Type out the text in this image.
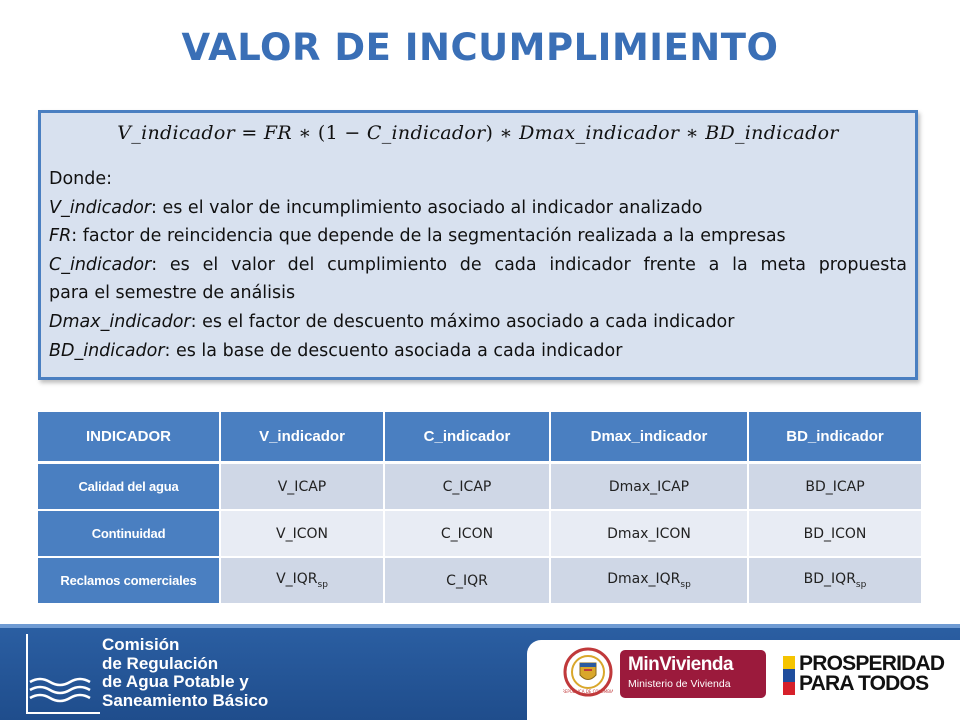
VALOR DE INCUMPLIMIENTO
V_indicador = FR ∗ (1 − C_indicador) ∗ Dmax_indicador ∗ BD_indicador
Donde:
V_indicador: es el valor de incumplimiento asociado al indicador analizado
FR: factor de reincidencia que depende de la segmentación realizada a la empresas
C_indicador: es el valor del cumplimiento de cada indicador frente a la meta propuesta
para el semestre de análisis
Dmax_indicador: es el factor de descuento máximo asociado a cada indicador
BD_indicador: es la base de descuento asociada a cada indicador
INDICADOR	V_indicador	C_indicador	Dmax_indicador	BD_indicador
Calidad del agua	V_ICAP	C_ICAP	Dmax_ICAP	BD_ICAP
Continuidad	V_ICON	C_ICON	Dmax_ICON	BD_ICON
Reclamos comerciales	$V\_IQR_{sp}$	C_IQR	$Dmax\_IQR_{sp}$	$BD\_IQR_{sp}$
Comisión
de Regulación
de Agua Potable y
Saneamiento Básico	REPUBLICA DE COLOMBIA
MinVivienda
Ministerio de Vivienda
PROSPERIDAD
PARA TODOS
